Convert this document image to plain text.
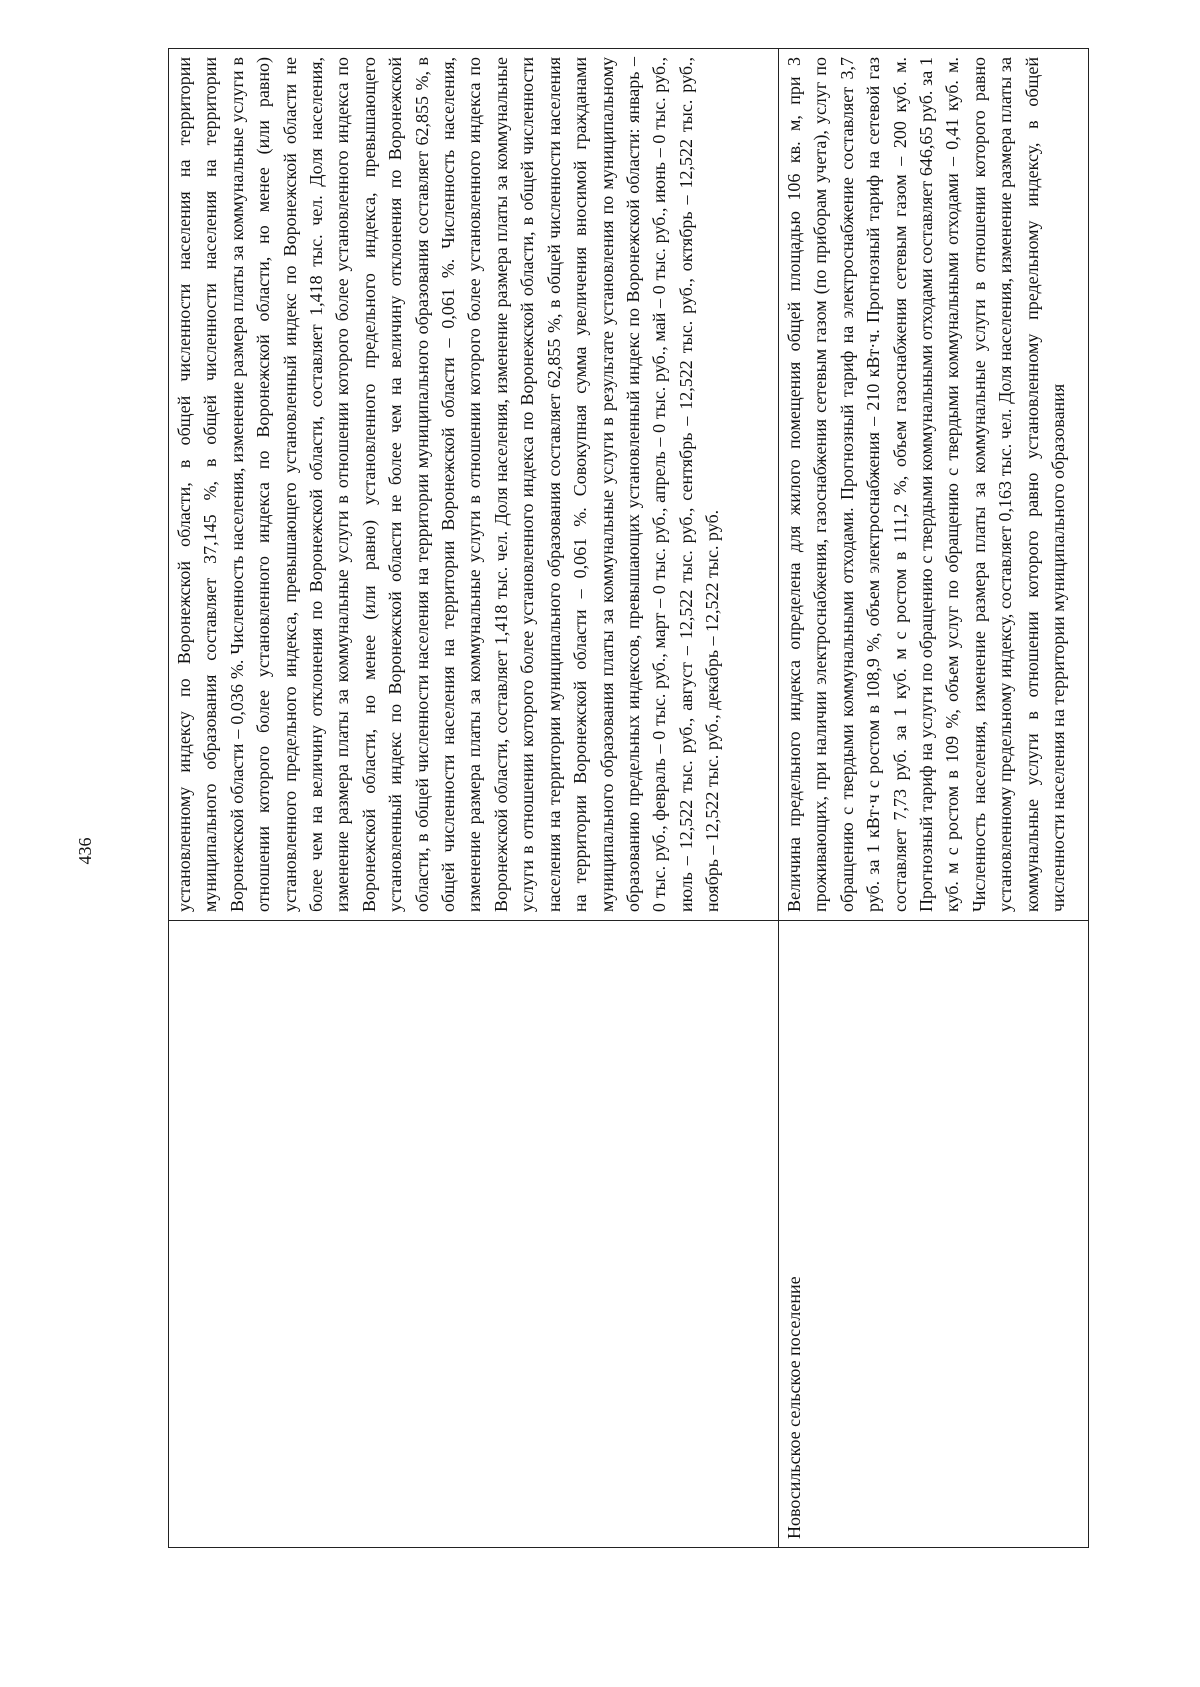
436

	установленному индексу по Воронежской области, в общей численности населения на территории муниципального образования составляет 37,145 %, в общей численности населения на территории Воронежской области – 0,036 %. Численность населения, изменение размера платы за коммунальные услуги в отношении которого более установленного индекса по Воронежской области, но менее (или равно) установленного предельного индекса, превышающего установленный индекс по Воронежской области не более чем на величину отклонения по Воронежской области, составляет 1,418 тыс. чел. Доля населения, изменение размера платы за коммунальные услуги в отношении которого более установленного индекса по Воронежской области, но менее (или равно) установленного предельного индекса, превышающего установленный индекс по Воронежской области не более чем на величину отклонения по Воронежской области, в общей численности населения на территории муниципального образования составляет 62,855 %, в общей численности населения на территории Воронежской области – 0,061 %. Численность населения, изменение размера платы за коммунальные услуги в отношении которого более установленного индекса по Воронежской области, составляет 1,418 тыс. чел. Доля населения, изменение размера платы за коммунальные услуги в отношении которого более установленного индекса по Воронежской области, в общей численности населения на территории муниципального образования составляет 62,855 %, в общей численности населения на территории Воронежской области – 0,061 %. Совокупная сумма увеличения вносимой гражданами муниципального образования платы за коммунальные услуги в результате установления по муниципальному образованию предельных индексов, превышающих установленный индекс по Воронежской области: январь – 0 тыс. руб., февраль – 0 тыс. руб., март – 0 тыс. руб., апрель – 0 тыс. руб., май – 0 тыс. руб., июнь – 0 тыс. руб., июль – 12,522 тыс. руб., август – 12,522 тыс. руб., сентябрь – 12,522 тыс. руб., октябрь – 12,522 тыс. руб., ноябрь – 12,522 тыс. руб., декабрь – 12,522 тыс. руб.

Новосильское сельское поселение	Величина предельного индекса определена для жилого помещения общей площадью 106 кв. м, при 3 проживающих, при наличии электроснабжения, газоснабжения сетевым газом (по приборам учета), услуг по обращению с твердыми коммунальными отходами. Прогнозный тариф на электроснабжение составляет 3,7 руб. за 1 кВт·ч с ростом в 108,9 %, объем электроснабжения – 210 кВт·ч. Прогнозный тариф на сетевой газ составляет 7,73 руб. за 1 куб. м с ростом в 111,2 %, объем газоснабжения сетевым газом – 200 куб. м. Прогнозный тариф на услуги по обращению с твердыми коммунальными отходами составляет 646,65 руб. за 1 куб. м с ростом в 109 %, объем услуг по обращению с твердыми коммунальными отходами – 0,41 куб. м. Численность населения, изменение размера платы за коммунальные услуги в отношении которого равно установленному предельному индексу, составляет 0,163 тыс. чел. Доля населения, изменение размера платы за коммунальные услуги в отношении которого равно установленному предельному индексу, в общей численности населения на территории муниципального образования
